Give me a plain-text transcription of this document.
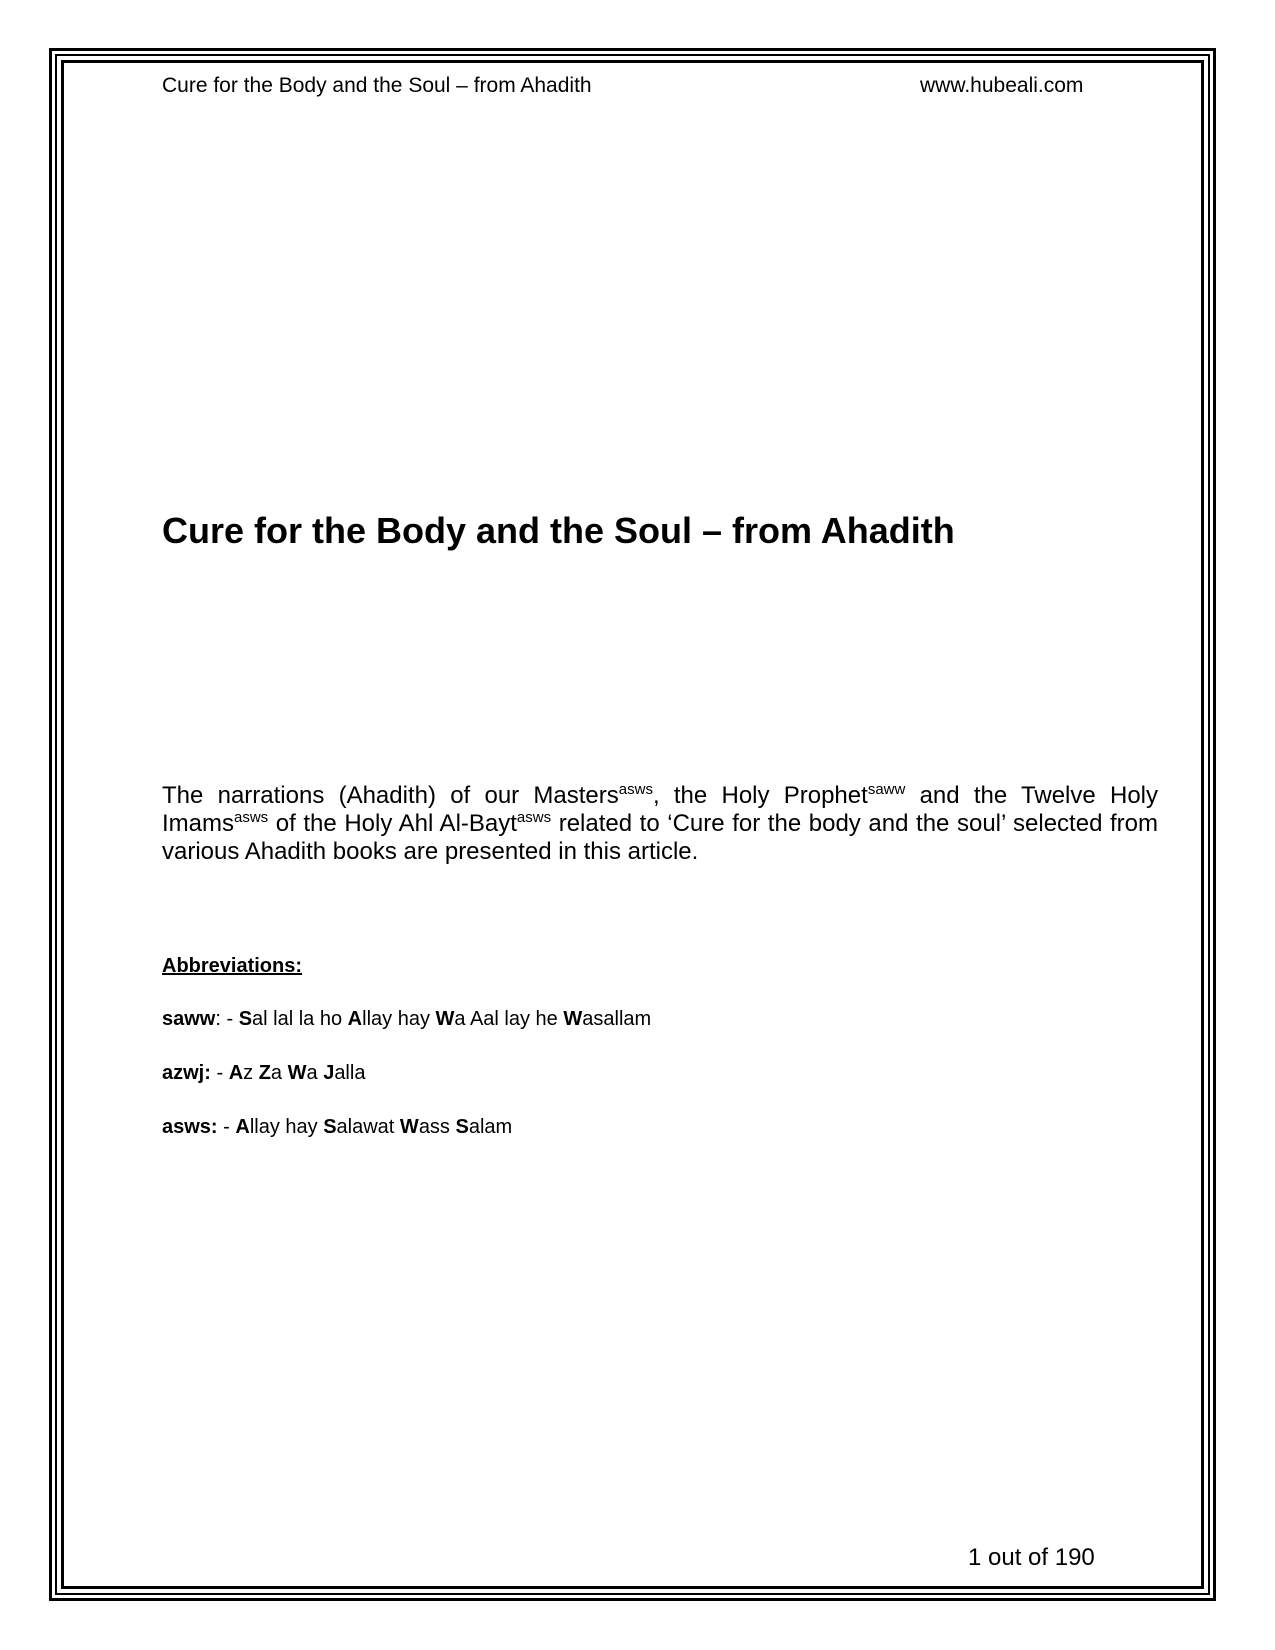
Cure for the Body and the Soul – from Ahadith	www.hubeali.com
Cure for the Body and the Soul – from Ahadith

The narrations (Ahadith) of our Masters$^{asws}$, the Holy Prophet$^{saww}$ and the Twelve Holy Imams$^{asws}$ of the Holy Ahl Al-Bayt$^{asws}$ related to ‘Cure for the body and the soul’ selected from various Ahadith books are presented in this article.

Abbreviations:
saww: - Sal lal la ho Allay hay Wa Aal lay he Wasallam
azwj: - Az Za Wa Jalla
asws: - Allay hay Salawat Wass Salam
1 out of 190
